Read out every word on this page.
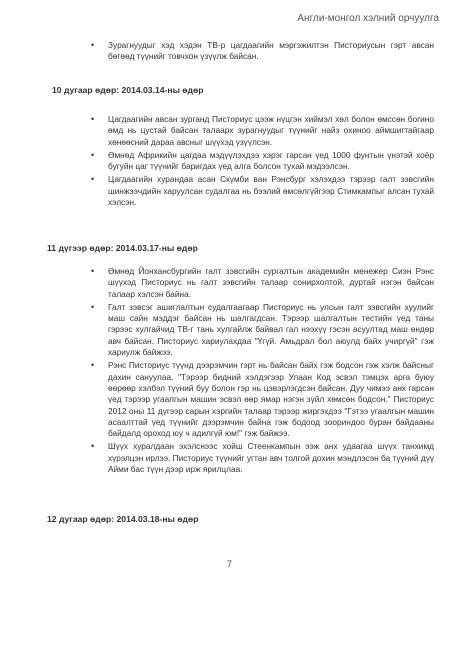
Англи-монгол хэлний орчуулга
• Зурагнуудыг хэд хэдэн ТВ-р цагдаагийн мэргэжилтэн Писториусын гэрт авсан бөгөөд түүнийг товчхон үзүүлж байсан.
10 дугаар өдөр: 2014.03.14-ны өдөр
• Цагдаагийн авсан зурганд Писториус цээж нүцгэн хиймэл хөл болон өмссөн богино өмд нь цустай байсан талаарх зурагнуудыг түүнийг найз охиноо аймшигтайгаар хөнөөсний дараа авсныг шүүхэд үзүүлсэн.
• Өмнөд Африкийн цагдаа мэдүүлэхдээ хэрэг гарсан үед 1000 фунтын үнэтэй хоёр бугуйн цаг түүнийг баригдах үед алга болсон тухай мэдээлсэн.
• Цагдаагийн хурандаа асан Скүмби ван Рэнсбург хэлэхдээ тэрээр галт зэвсгийн шинжээчдийн харуулсан судалгаа нь бээлий өмсөлгүйгээр Стимкампыг алсан тухай хэлсэн.
11 дүгээр өдөр: 2014.03.17-ны өдөр
• Өмнөд Йонхансбургийн галт зэвсгийн сургалтын академийн менежер Сиэн Рэнс шүүхэд Писториус нь галт зэвсгийн талаар сонирхолтой, дуртай нэгэн байсан талаар хэлсэн байна.
• Галт зэвсэг ашиглалтын судалгаагаар Писториус нь улсын галт зэвсгийн хуулийг маш сайн мэддэг байсан нь шалгагдсан. Тэрээр шалгалтын тестийн үед таны гэрээс хулгайчид ТВ-г тань хулгайлж байвал гал нээхүү гэсэн асуултад маш өндөр авч байсан. Писториус хариулахдаа "Үгүй. Амьдрал бол аюулд байх учиргүй" гэж хариулж байжээ.
• Рэнс Писториус түүнд дээрэмчин гэрт нь байсан байх гэж бодсон гэж хэлж байсныг дахин сануулаа. "Тэрээр бидний хэлдэгээр Улаан Код эсвэл тэмцэх арга буюу өөрөөр хэлбэл түүний буу болон гэр нь цэвэрлэгдсэн байсан. Дуу чимээ анх гарсан үед тэрээр угаалгын машин эсвэл өөр ямар нэгэн зүйл хөмсөн бодсон." Писториус 2012 оны 11 дүгээр сарын хэргийн талаар тэрээр жиргэхдээ "Гэтээ угаалгын машин асаалттай үед түүнийг дээрэмчин байна гэж бодоод зоориндоо буран байдааны байдалд ороход юу ч адилгүй юм!" гэж байжээ.
• Шүүх хуралдаан эхэлснээс хойш Стеенкампын ээж анх удаагаа шүүх танхимд хүрэлцэн ирлээ. Писториус түүнийг угтан авч толгой дохин мэндлэсэн ба түүний дүү Айми бас түүн дээр ирж ярилцлаа.
12 дугаар өдөр: 2014.03.18-ны өдөр
7
